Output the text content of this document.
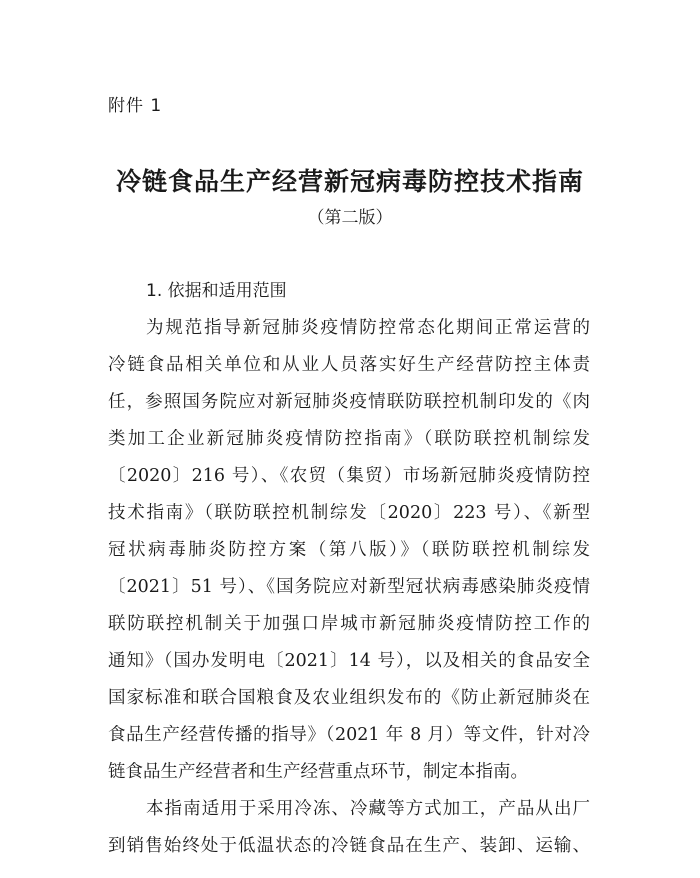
附件 1
冷链食品生产经营新冠病毒防控技术指南
（第二版）
1. 依据和适用范围
为规范指导新冠肺炎疫情防控常态化期间正常运营的
冷链食品相关单位和从业人员落实好生产经营防控主体责
任，参照国务院应对新冠肺炎疫情联防联控机制印发的《肉
类加工企业新冠肺炎疫情防控指南》（联防联控机制综发
〔2020〕216 号）、《农贸（集贸）市场新冠肺炎疫情防控
技术指南》（联防联控机制综发〔2020〕223 号）、《新型
冠状病毒肺炎防控方案（第八版）》（联防联控机制综发
〔2021〕51 号）、《国务院应对新型冠状病毒感染肺炎疫情
联防联控机制关于加强口岸城市新冠肺炎疫情防控工作的
通知》（国办发明电〔2021〕14 号），以及相关的食品安全
国家标准和联合国粮食及农业组织发布的《防止新冠肺炎在
食品生产经营传播的指导》（2021 年 8 月）等文件，针对冷
链食品生产经营者和生产经营重点环节，制定本指南。
本指南适用于采用冷冻、冷藏等方式加工，产品从出厂
到销售始终处于低温状态的冷链食品在生产、装卸、运输、
